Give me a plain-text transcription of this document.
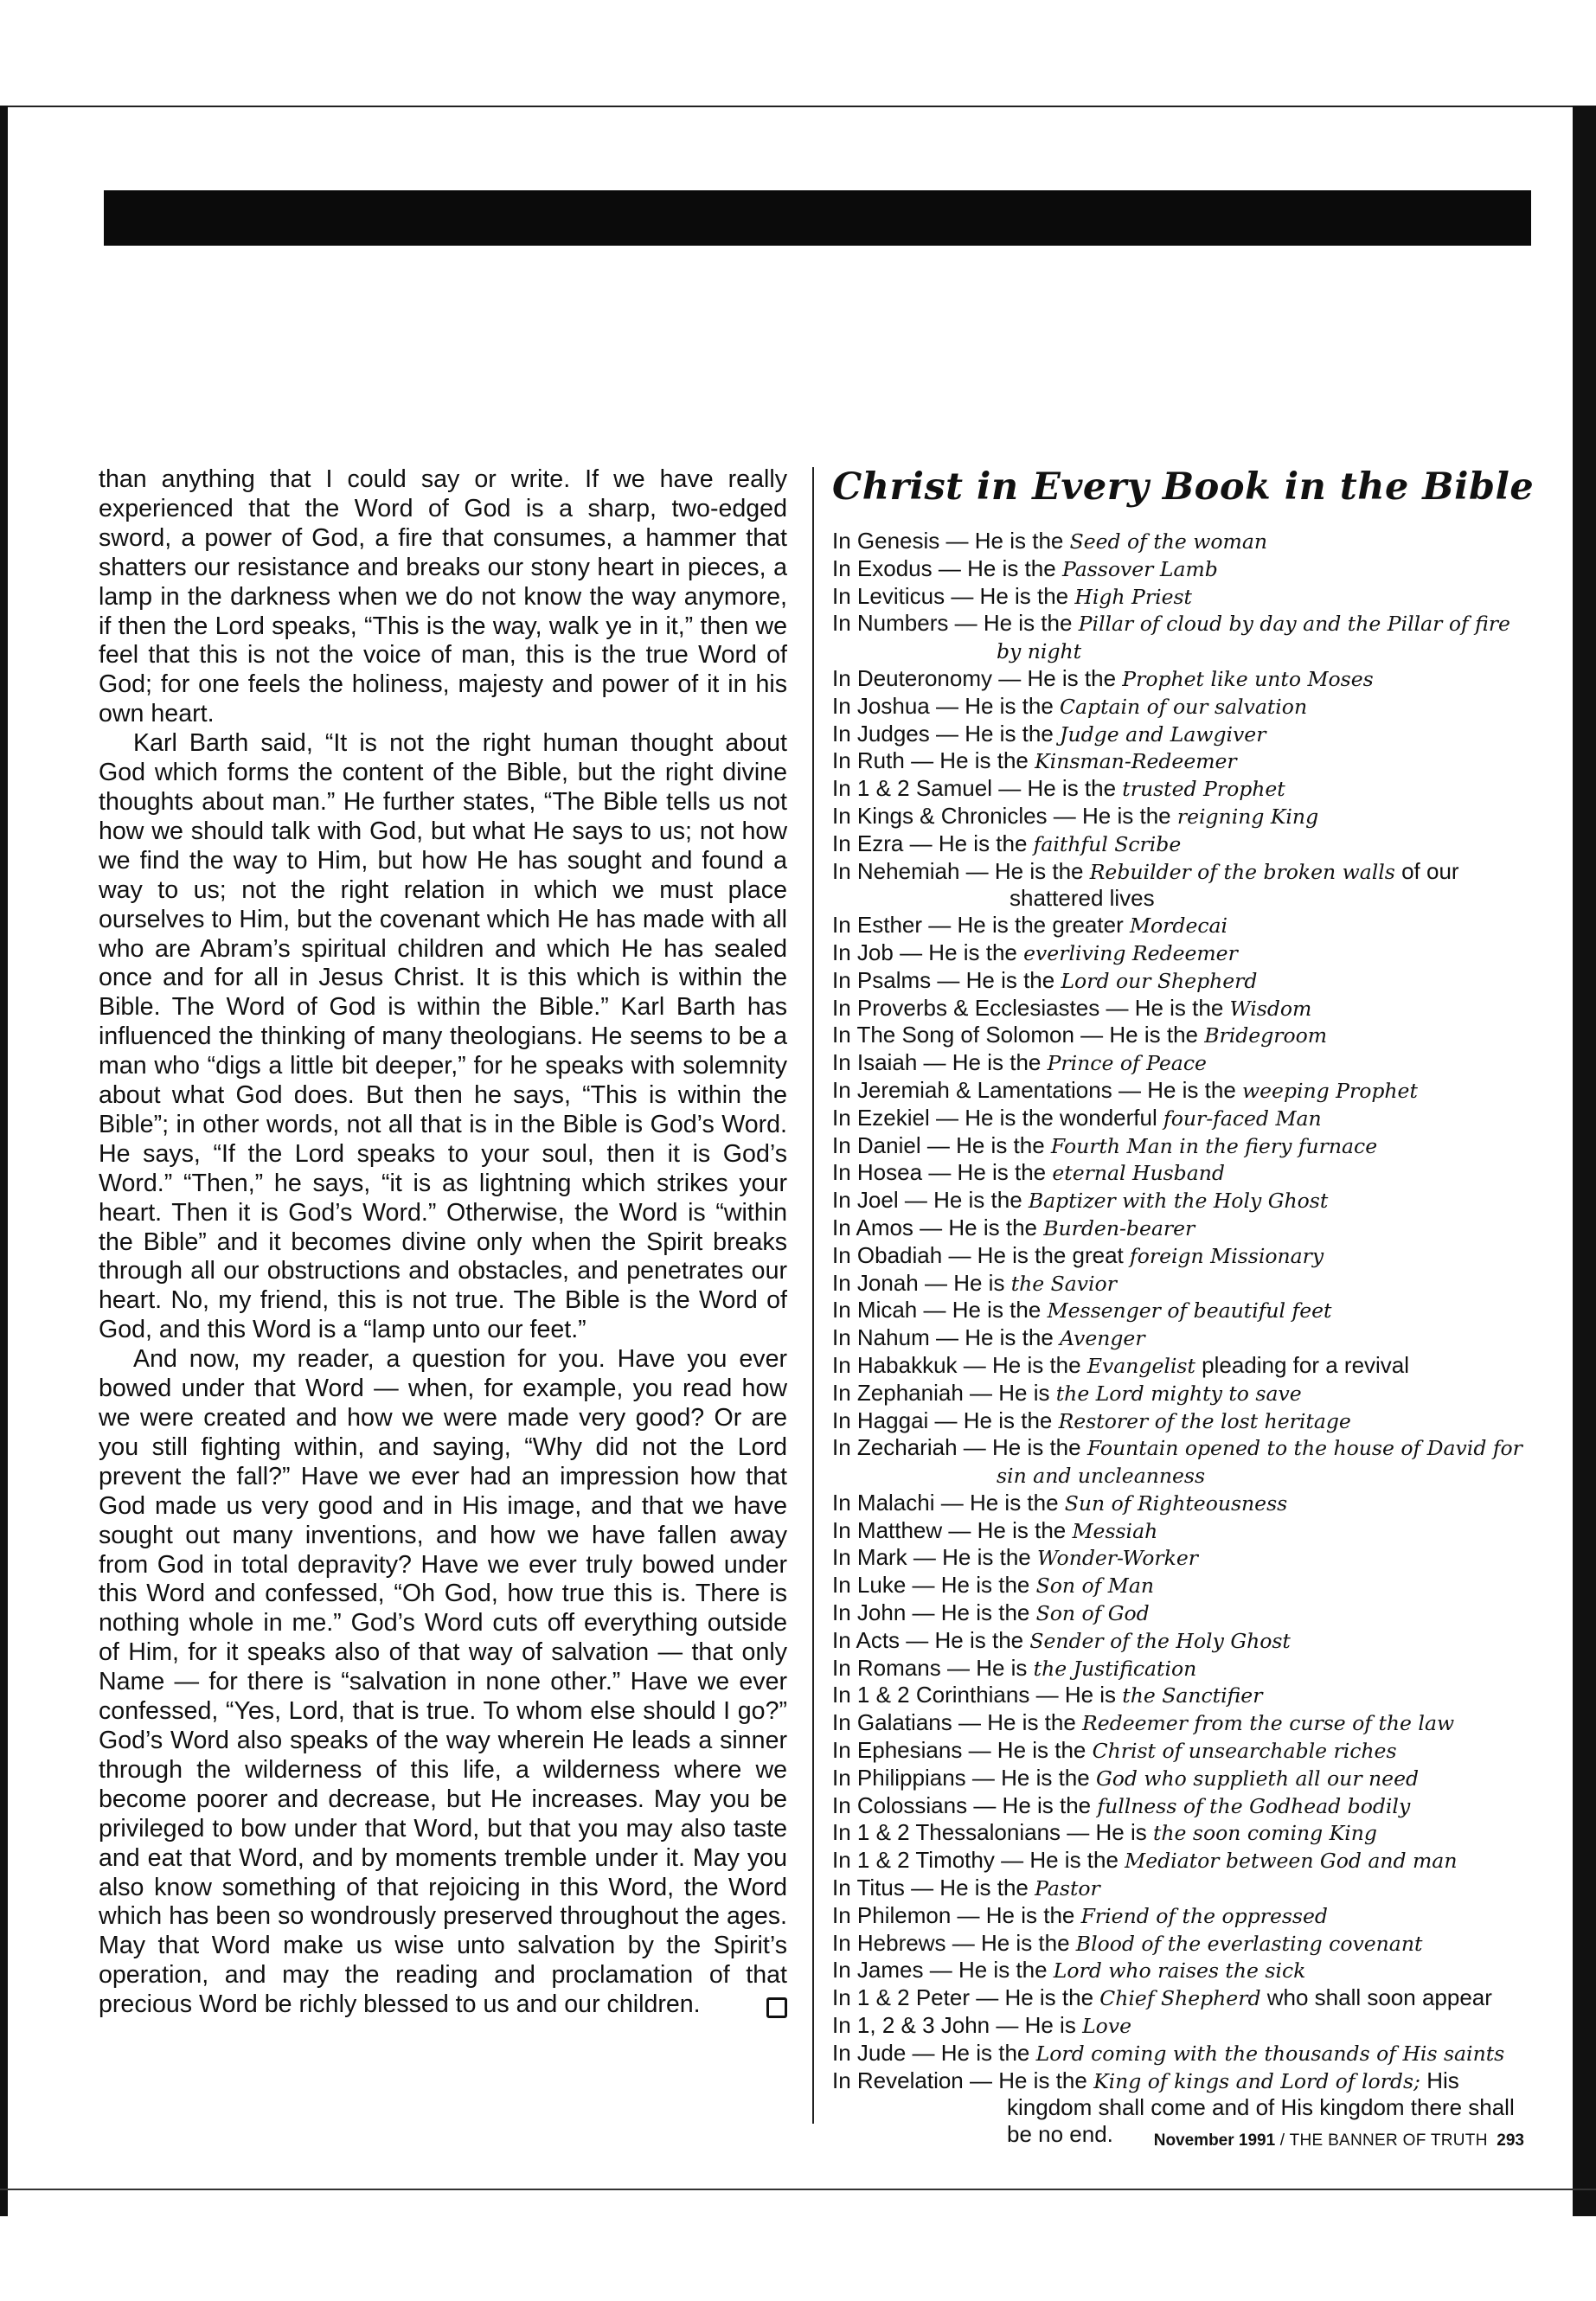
than anything that I could say or write. If we have really experienced that the Word of God is a sharp, two-edged sword, a power of God, a fire that consumes, a hammer that shatters our resistance and breaks our stony heart in pieces, a lamp in the darkness when we do not know the way anymore, if then the Lord speaks, “This is the way, walk ye in it,” then we feel that this is not the voice of man, this is the true Word of God; for one feels the holiness, majesty and power of it in his own heart.

Karl Barth said, “It is not the right human thought about God which forms the content of the Bible, but the right divine thoughts about man.” He further states, “The Bible tells us not how we should talk with God, but what He says to us; not how we find the way to Him, but how He has sought and found a way to us; not the right relation in which we must place ourselves to Him, but the covenant which He has made with all who are Abram’s spiritual children and which He has sealed once and for all in Jesus Christ. It is this which is within the Bible. The Word of God is within the Bible.” Karl Barth has influenced the thinking of many theologians. He seems to be a man who “digs a little bit deeper,” for he speaks with solemnity about what God does. But then he says, “This is within the Bible”; in other words, not all that is in the Bible is God’s Word. He says, “If the Lord speaks to your soul, then it is God’s Word.” “Then,” he says, “it is as lightning which strikes your heart. Then it is God’s Word.” Otherwise, the Word is “within the Bible” and it becomes divine only when the Spirit breaks through all our obstructions and obstacles, and penetrates our heart. No, my friend, this is not true. The Bible is the Word of God, and this Word is a “lamp unto our feet.”

And now, my reader, a question for you. Have you ever bowed under that Word — when, for example, you read how we were created and how we were made very good? Or are you still fighting within, and saying, “Why did not the Lord prevent the fall?” Have we ever had an impression how that God made us very good and in His image, and that we have sought out many inventions, and how we have fallen away from God in total depravity? Have we ever truly bowed under this Word and confessed, “Oh God, how true this is. There is nothing whole in me.” God’s Word cuts off everything outside of Him, for it speaks also of that way of salvation — that only Name — for there is “salvation in none other.” Have we ever confessed, “Yes, Lord, that is true. To whom else should I go?” God’s Word also speaks of the way wherein He leads a sinner through the wilderness of this life, a wilderness where we become poorer and decrease, but He increases. May you be privileged to bow under that Word, but that you may also taste and eat that Word, and by moments tremble under it. May you also know something of that rejoicing in this Word, the Word which has been so wondrously preserved throughout the ages. May that Word make us wise unto salvation by the Spirit’s operation, and may the reading and proclamation of that precious Word be richly blessed to us and our children.

Christ in Every Book in the Bible
In Genesis — He is the Seed of the woman
In Exodus — He is the Passover Lamb
In Leviticus — He is the High Priest
In Numbers — He is the Pillar of cloud by day and the Pillar of fire by night
In Deuteronomy — He is the Prophet like unto Moses
In Joshua — He is the Captain of our salvation
In Judges — He is the Judge and Lawgiver
In Ruth — He is the Kinsman-Redeemer
In 1 & 2 Samuel — He is the trusted Prophet
In Kings & Chronicles — He is the reigning King
In Ezra — He is the faithful Scribe
In Nehemiah — He is the Rebuilder of the broken walls of our shattered lives
In Esther — He is the greater Mordecai
In Job — He is the everliving Redeemer
In Psalms — He is the Lord our Shepherd
In Proverbs & Ecclesiastes — He is the Wisdom
In The Song of Solomon — He is the Bridegroom
In Isaiah — He is the Prince of Peace
In Jeremiah & Lamentations — He is the weeping Prophet
In Ezekiel — He is the wonderful four-faced Man
In Daniel — He is the Fourth Man in the fiery furnace
In Hosea — He is the eternal Husband
In Joel — He is the Baptizer with the Holy Ghost
In Amos — He is the Burden-bearer
In Obadiah — He is the great foreign Missionary
In Jonah — He is the Savior
In Micah — He is the Messenger of beautiful feet
In Nahum — He is the Avenger
In Habakkuk — He is the Evangelist pleading for a revival
In Zephaniah — He is the Lord mighty to save
In Haggai — He is the Restorer of the lost heritage
In Zechariah — He is the Fountain opened to the house of David for sin and uncleanness
In Malachi — He is the Sun of Righteousness
In Matthew — He is the Messiah
In Mark — He is the Wonder-Worker
In Luke — He is the Son of Man
In John — He is the Son of God
In Acts — He is the Sender of the Holy Ghost
In Romans — He is the Justification
In 1 & 2 Corinthians — He is the Sanctifier
In Galatians — He is the Redeemer from the curse of the law
In Ephesians — He is the Christ of unsearchable riches
In Philippians — He is the God who supplieth all our need
In Colossians — He is the fullness of the Godhead bodily
In 1 & 2 Thessalonians — He is the soon coming King
In 1 & 2 Timothy — He is the Mediator between God and man
In Titus — He is the Pastor
In Philemon — He is the Friend of the oppressed
In Hebrews — He is the Blood of the everlasting covenant
In James — He is the Lord who raises the sick
In 1 & 2 Peter — He is the Chief Shepherd who shall soon appear
In 1, 2 & 3 John — He is Love
In Jude — He is the Lord coming with the thousands of His saints
In Revelation — He is the King of kings and Lord of lords; His kingdom shall come and of His kingdom there shall be no end.	November 1991 / THE BANNER OF TRUTH 293
